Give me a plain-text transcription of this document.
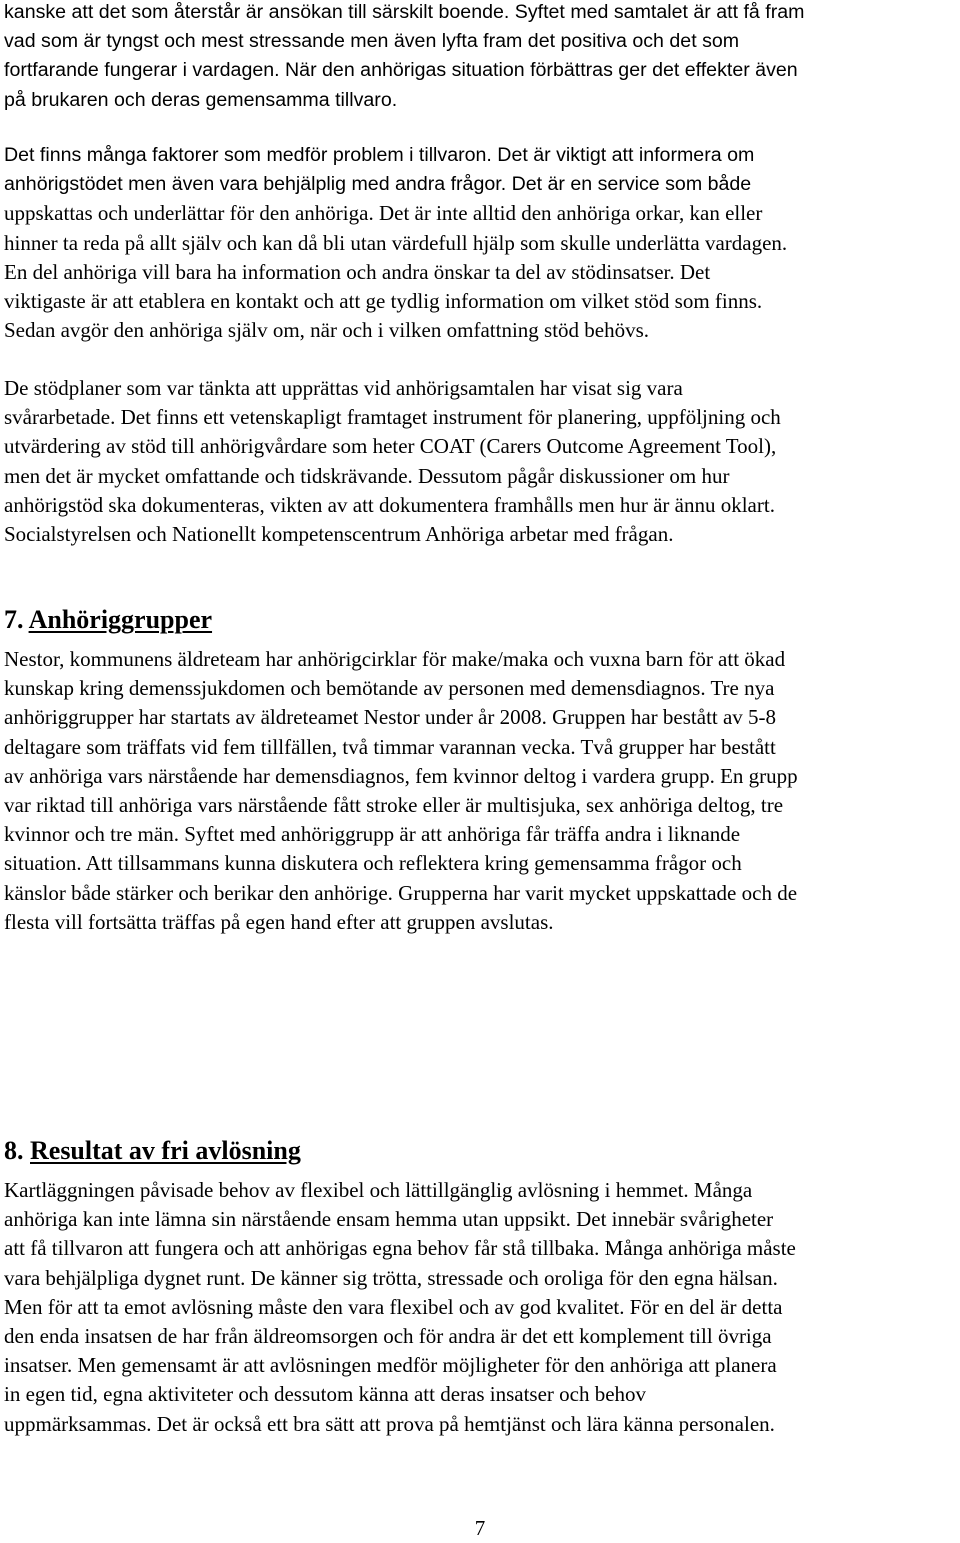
kanske att det som återstår är ansökan till särskilt boende. Syftet med samtalet är att få fram
vad som är tyngst och mest stressande men även lyfta fram det positiva och det som
fortfarande fungerar i vardagen. När den anhörigas situation förbättras ger det effekter även
på brukaren och deras gemensamma tillvaro.
Det finns många faktorer som medför problem i tillvaron. Det är viktigt att informera om
anhörigstödet men även vara behjälplig med andra frågor. Det är en service som både
uppskattas och underlättar för den anhöriga. Det är inte alltid den anhöriga orkar, kan eller
hinner ta reda på allt själv och kan då bli utan värdefull hjälp som skulle underlätta vardagen.
En del anhöriga vill bara ha information och andra önskar ta del av stödinsatser. Det
viktigaste är att etablera en kontakt och att ge tydlig information om vilket stöd som finns.
Sedan avgör den anhöriga själv om, när och i vilken omfattning stöd behövs.
De stödplaner som var tänkta att upprättas vid anhörigsamtalen har visat sig vara
svårarbetade. Det finns ett vetenskapligt framtaget instrument för planering, uppföljning och
utvärdering av stöd till anhörigvårdare som heter COAT (Carers Outcome Agreement Tool),
men det är mycket omfattande och tidskrävande. Dessutom pågår diskussioner om hur
anhörigstöd ska dokumenteras, vikten av att dokumentera framhålls men hur är ännu oklart.
Socialstyrelsen och Nationellt kompetenscentrum Anhöriga arbetar med frågan.
7. Anhöriggrupper
Nestor, kommunens äldreteam har anhörigcirklar för make/maka och vuxna barn för att ökad
kunskap kring demenssjukdomen och bemötande av personen med demensdiagnos. Tre nya
anhöriggrupper har startats av äldreteamet Nestor under år 2008. Gruppen har bestått av 5-8
deltagare som träffats vid fem tillfällen, två timmar varannan vecka. Två grupper har bestått
av anhöriga vars närstående har demensdiagnos, fem kvinnor deltog i vardera grupp. En grupp
var riktad till anhöriga vars närstående fått stroke eller är multisjuka, sex anhöriga deltog, tre
kvinnor och tre män. Syftet med anhöriggrupp är att anhöriga får träffa andra i liknande
situation. Att tillsammans kunna diskutera och reflektera kring gemensamma frågor och
känslor både stärker och berikar den anhörige. Grupperna har varit mycket uppskattade och de
flesta vill fortsätta träffas på egen hand efter att gruppen avslutas.
8. Resultat av fri avlösning
Kartläggningen påvisade behov av flexibel och lättillgänglig avlösning i hemmet. Många
anhöriga kan inte lämna sin närstående ensam hemma utan uppsikt. Det innebär svårigheter
att få tillvaron att fungera och att anhörigas egna behov får stå tillbaka. Många anhöriga måste
vara behjälpliga dygnet runt. De känner sig trötta, stressade och oroliga för den egna hälsan.
Men för att ta emot avlösning måste den vara flexibel och av god kvalitet. För en del är detta
den enda insatsen de har från äldreomsorgen och för andra är det ett komplement till övriga
insatser. Men gemensamt är att avlösningen medför möjligheter för den anhöriga att planera
in egen tid, egna aktiviteter och dessutom känna att deras insatser och behov
uppmärksammas. Det är också ett bra sätt att prova på hemtjänst och lära känna personalen.

7
